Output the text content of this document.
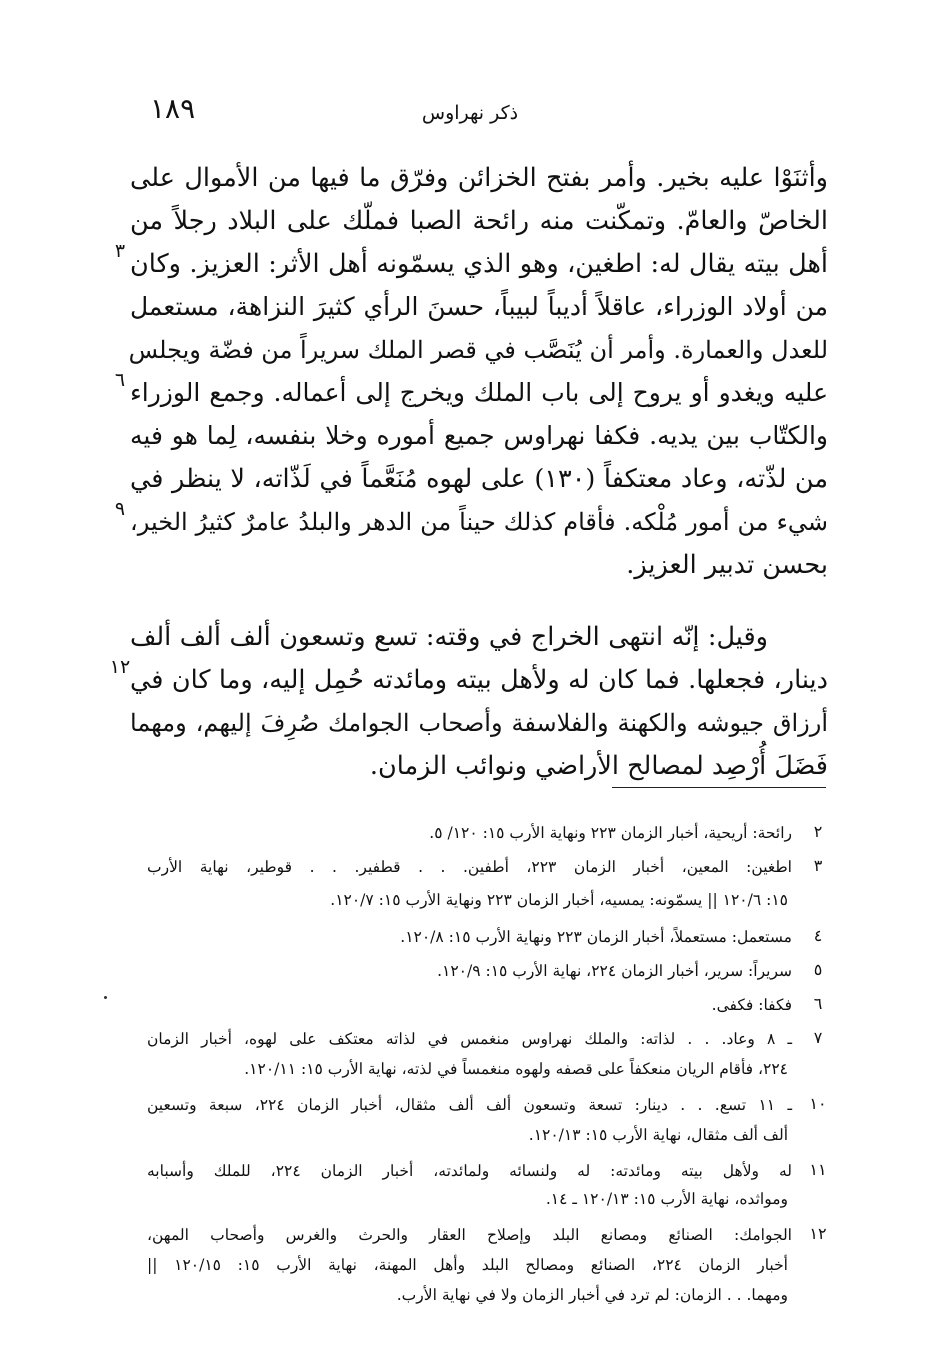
١٨٩	ذكر نهراوس
وأثنَوْا عليه بخير. وأمر بفتح الخزائن وفرّق ما فيها من الأموال على
الخاصّ والعامّ. وتمكّنت منه رائحة الصبا فملّك على البلاد رجلاً من
أهل بيته يقال له: اطغين، وهو الذي يسمّونه أهل الأثر: العزيز. وكان
من أولاد الوزراء، عاقلاً أديباً لبيباً، حسنَ الرأي كثيرَ النزاهة، مستعمل
للعدل والعمارة. وأمر أن يُنَصَّب في قصر الملك سريراً من فضّة ويجلس
عليه ويغدو أو يروح إلى باب الملك ويخرج إلى أعماله. وجمع الوزراء
والكتّاب بين يديه. فكفا نهراوس جميع أموره وخلا بنفسه، لِما هو فيه
من لذّته، وعاد معتكفاً (١٣٠) على لهوه مُنَعَّماً في لَذّاته، لا ينظر في
شيء من أمور مُلْكه. فأقام كذلك حيناً من الدهر والبلدُ عامرٌ كثيرُ الخير،
بحسن تدبير العزيز.
وقيل: إنّه انتهى الخراج في وقته: تسع وتسعون ألف ألف ألف
دينار، فجعلها. فما كان له ولأهل بيته ومائدته حُمِل إليه، وما كان في
أرزاق جيوشه والكهنة والفلاسفة وأصحاب الجوامك صُرِفَ إليهم، ومهما
فَضَلَ أُرْصِد لمصالح الأراضي ونوائب الزمان.
٣
٦
٩
١٢
٢
رائحة: أريحية، أخبار الزمان ٢٢٣ ونهاية الأرب ١٥: ١٢٠/ ٥.
٣
اطغين: المعين، أخبار الزمان ٢٢٣، أطفين. . . قطفير. . . قوطير، نهاية الأرب
١٥: ١٢٠/٦ || يسمّونه: يمسيه، أخبار الزمان ٢٢٣ ونهاية الأرب ١٥: ١٢٠/٧.
٤
مستعمل: مستعملاً، أخبار الزمان ٢٢٣ ونهاية الأرب ١٥: ١٢٠/٨.
٥
سريراً: سرير، أخبار الزمان ٢٢٤، نهاية الأرب ١٥: ١٢٠/٩.
٦
فكفا: فكفى.
٧
ـ ٨ وعاد. . . لذاته: والملك نهراوس منغمس في لذاته معتكف على لهوه، أخبار الزمان
٢٢٤، فأقام الريان منعكفاً على قصفه ولهوه منغمساً في لذته، نهاية الأرب ١٥: ١٢٠/١١.
١٠
ـ ١١ تسع. . . دينار: تسعة وتسعون ألف ألف مثقال، أخبار الزمان ٢٢٤، سبعة وتسعين
ألف ألف مثقال، نهاية الأرب ١٥: ١٢٠/١٣.
١١
له ولأهل بيته ومائدته: له ولنسائه ولمائدته، أخبار الزمان ٢٢٤، للملك وأسبابه
ومواثده، نهاية الأرب ١٥: ١٢٠/١٣ ـ ١٤.
١٢
الجوامك: الصنائع ومصانع البلد وإصلاح العقار والحرث والغرس وأصحاب المهن،
أخبار الزمان ٢٢٤، الصنائع ومصالح البلد وأهل المهنة، نهاية الأرب ١٥: ١٢٠/١٥ ||
ومهما. . . الزمان: لم ترد في أخبار الزمان ولا في نهاية الأرب.
